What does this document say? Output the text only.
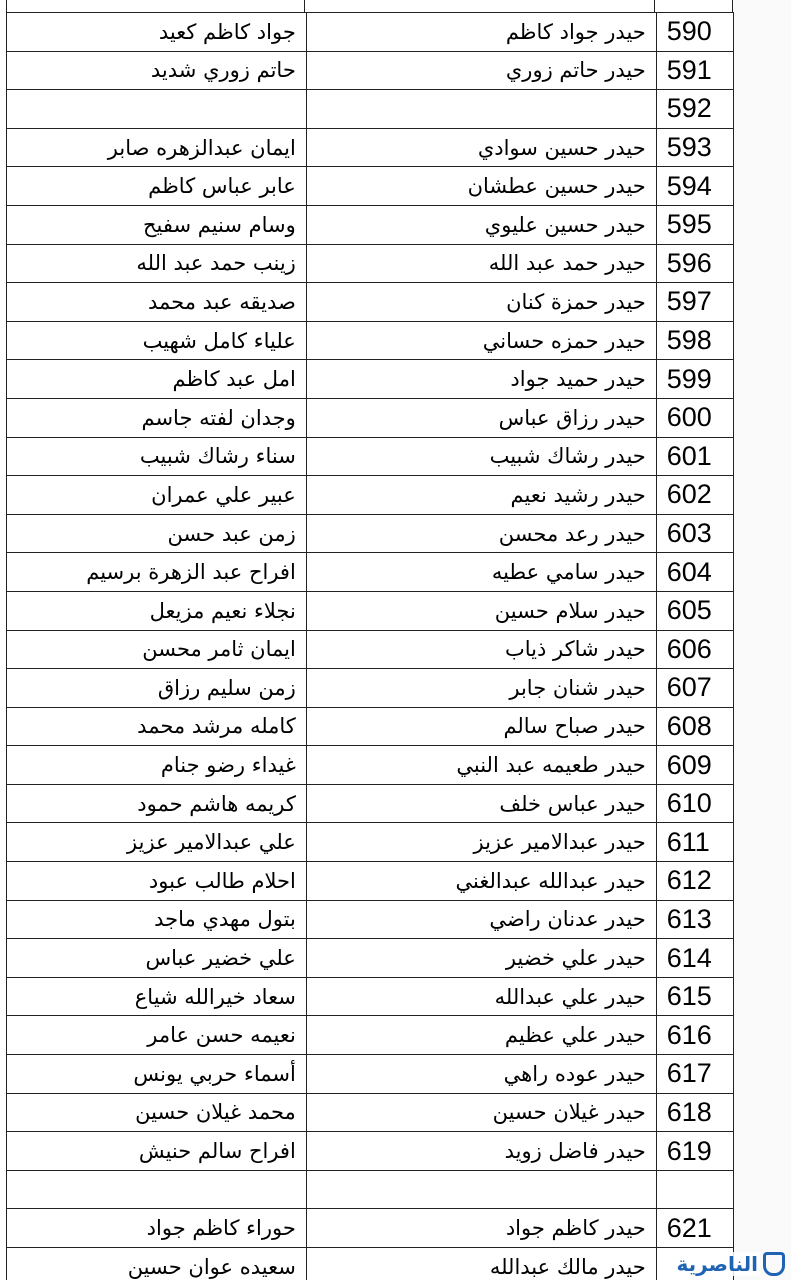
جواد كاظم كعيد	حيدر جواد كاظم	590
حاتم زوري شديد	حيدر حاتم زوري	591
		592
ايمان عبدالزهره صابر	حيدر حسين سوادي	593
عابر عباس كاظم	حيدر حسين عطشان	594
وسام سنيم سفيح	حيدر حسين عليوي	595
زينب حمد عبد الله	حيدر حمد عبد الله	596
صديقه عبد محمد	حيدر حمزة كنان	597
علياء كامل شهيب	حيدر حمزه حساني	598
امل عبد كاظم	حيدر حميد جواد	599
وجدان لفته جاسم	حيدر رزاق عباس	600
سناء رشاك شبيب	حيدر رشاك شبيب	601
عبير علي عمران	حيدر رشيد نعيم	602
زمن عبد حسن	حيدر رعد محسن	603
افراح عبد الزهرة برسيم	حيدر سامي عطيه	604
نجلاء نعيم مزيعل	حيدر سلام حسين	605
ايمان ثامر محسن	حيدر شاكر ذياب	606
زمن سليم رزاق	حيدر شنان جابر	607
كامله مرشد محمد	حيدر صباح سالم	608
غيداء رضو جنام	حيدر طعيمه عبد النبي	609
كريمه هاشم حمود	حيدر عباس خلف	610
علي عبدالامير عزيز	حيدر عبدالامير عزيز	611
احلام طالب عبود	حيدر عبدالله عبدالغني	612
بتول مهدي ماجد	حيدر عدنان راضي	613
علي خضير عباس	حيدر علي خضير	614
سعاد خيرالله شياع	حيدر علي عبدالله	615
نعيمه حسن عامر	حيدر علي عظيم	616
أسماء حربي يونس	حيدر عوده راهي	617
محمد غيلان حسين	حيدر غيلان حسين	618
افراح سالم حنيش	حيدر فاضل زويد	619

حوراء كاظم جواد	حيدر كاظم جواد	621
سعيده عوان حسين	حيدر مالك عبدالله	الناصرية
